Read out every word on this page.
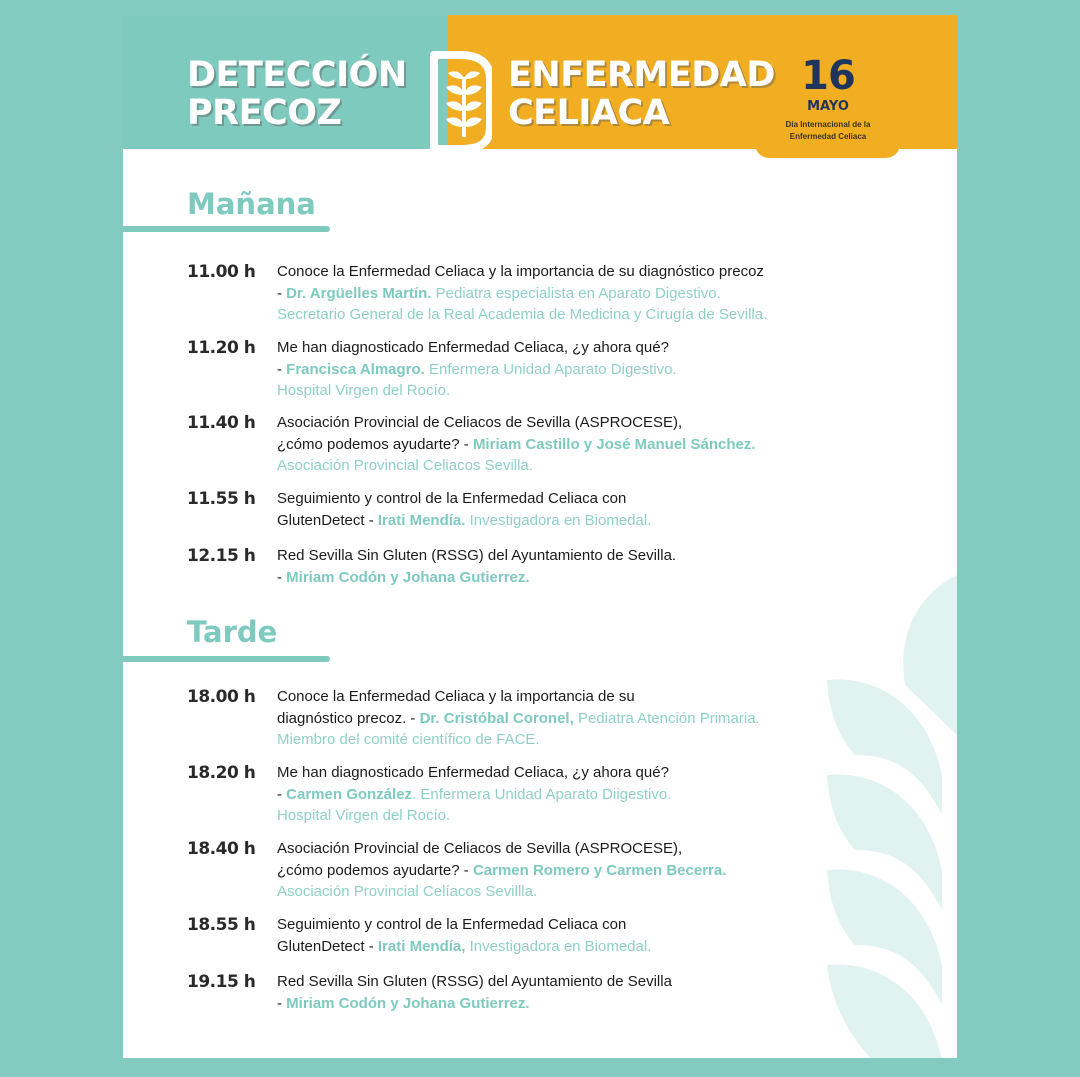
DETECCIÓN
PRECOZ
ENFERMEDAD
CELIACA
16
MAYO
Día Internacional de la
Enfermedad Celiaca
Mañana
11.00 h	Conoce la Enfermedad Celiaca y la importancia de su diagnóstico precoz
- Dr. Argüelles Martín. Pediatra especialista en Aparato Digestivo.
Secretario General de la Real Academia de Medicina y Cirugía de Sevilla.
11.20 h	Me han diagnosticado Enfermedad Celiaca, ¿y ahora qué?
- Francisca Almagro. Enfermera Unidad Aparato Digestivo.
Hospital Virgen del Rocío.
11.40 h	Asociación Provincial de Celiacos de Sevilla (ASPROCESE),
¿cómo podemos ayudarte? - Miriam Castillo y José Manuel Sánchez.
Asociación Provincial Celiacos Sevilla.
11.55 h	Seguimiento y control de la Enfermedad Celiaca con
GlutenDetect - Irati Mendía. Investigadora en Biomedal.
12.15 h	Red Sevilla Sin Gluten (RSSG) del Ayuntamiento de Sevilla.
- Miriam Codón y Johana Gutierrez.
Tarde
18.00 h	Conoce la Enfermedad Celiaca y la importancia de su
diagnóstico precoz. - Dr. Cristóbal Coronel, Pediatra Atención Primaria.
Miembro del comité científico de FACE.
18.20 h	Me han diagnosticado Enfermedad Celiaca, ¿y ahora qué?
- Carmen González. Enfermera Unidad Aparato Diigestivo.
Hospital Virgen del Rocío.
18.40 h	Asociación Provincial de Celiacos de Sevilla (ASPROCESE),
¿cómo podemos ayudarte? - Carmen Romero y Carmen Becerra.
Asociación Provincial Celíacos Sevillla.
18.55 h	Seguimiento y control de la Enfermedad Celiaca con
GlutenDetect - Irati Mendía, Investigadora en Biomedal.
19.15 h	Red Sevilla Sin Gluten (RSSG) del Ayuntamiento de Sevilla
- Miriam Codón y Johana Gutierrez.
